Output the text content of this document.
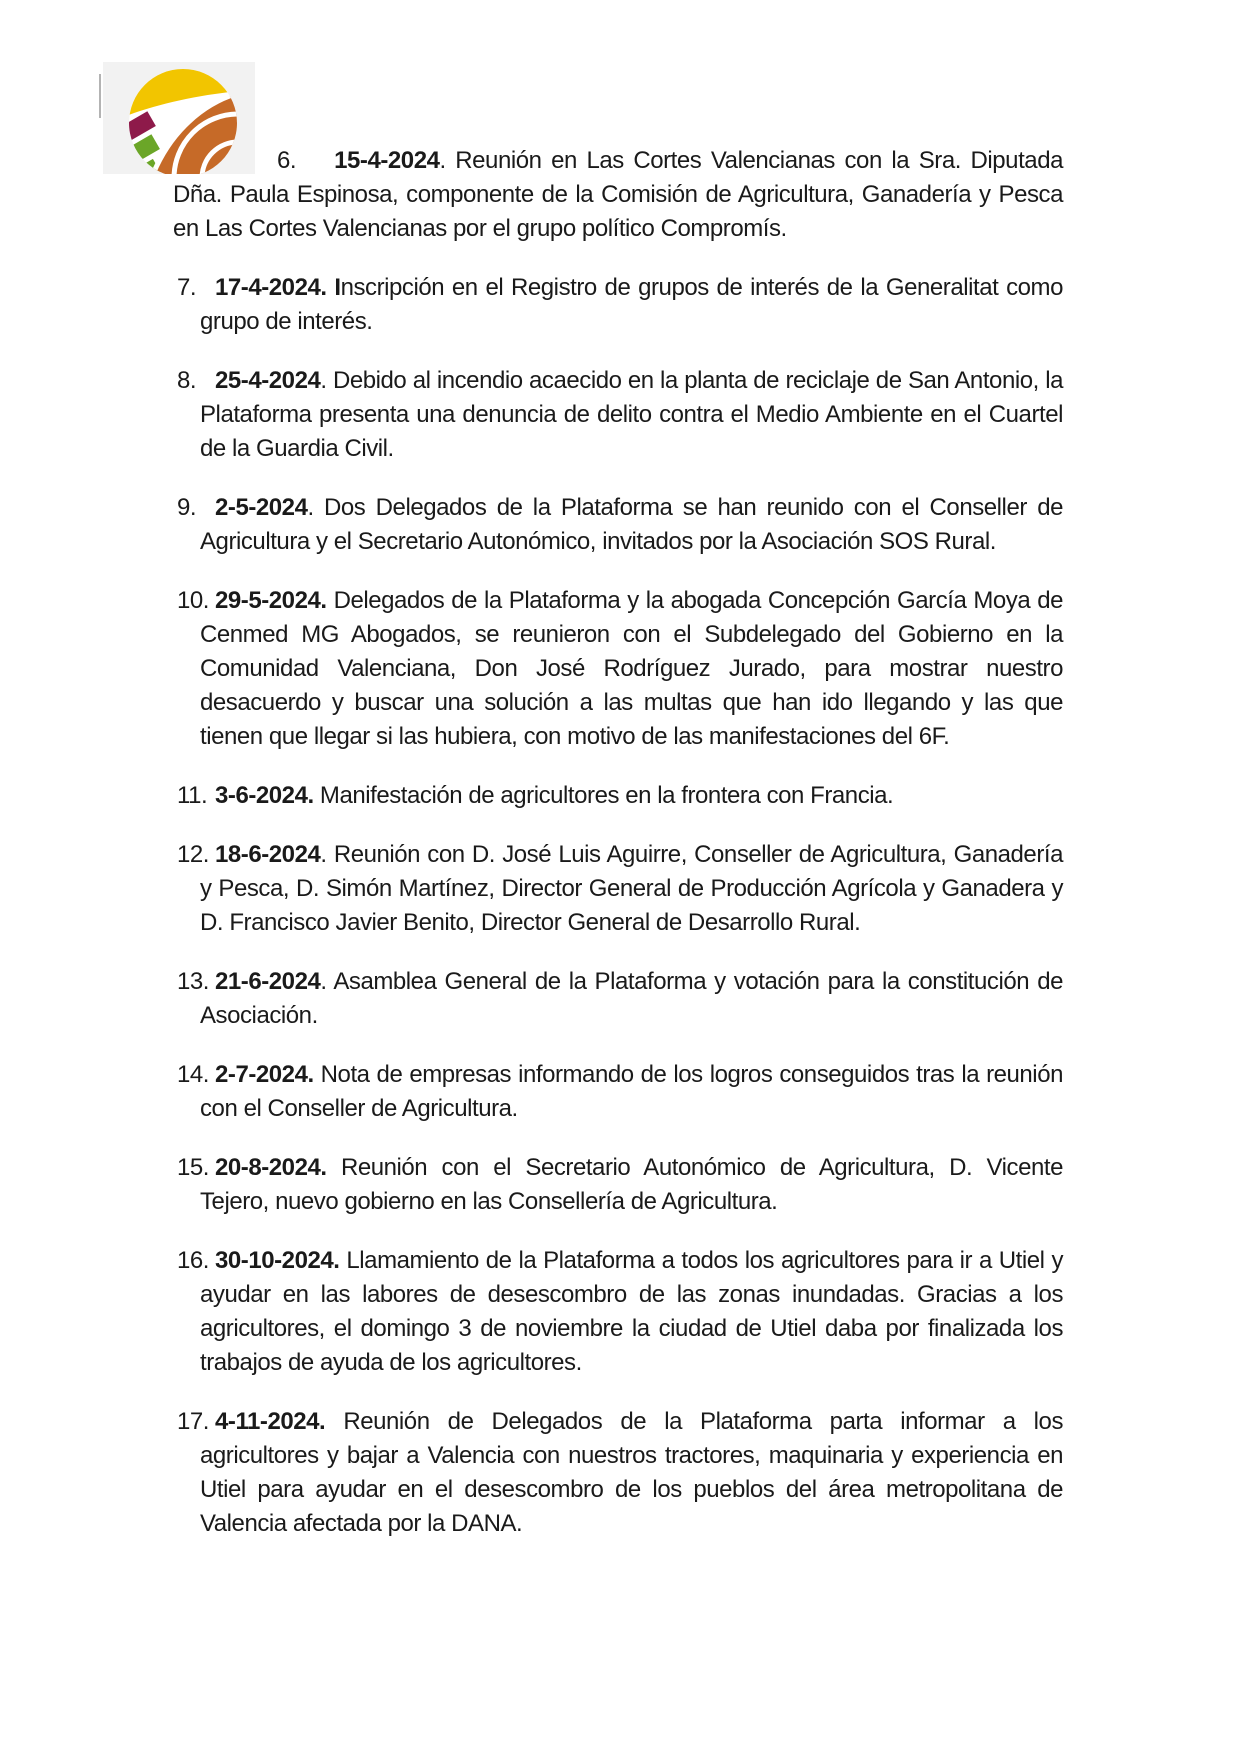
6. 15-4-2024. Reunión en Las Cortes Valencianas con la Sra. Diputada Dña. Paula Espinosa, componente de la Comisión de Agricultura, Ganadería y Pesca en Las Cortes Valencianas por el grupo político Compromís.
7. 17-4-2024. Inscripción en el Registro de grupos de interés de la Generalitat como grupo de interés.
8. 25-4-2024. Debido al incendio acaecido en la planta de reciclaje de San Antonio, la Plataforma presenta una denuncia de delito contra el Medio Ambiente en el Cuartel de la Guardia Civil.
9. 2-5-2024. Dos Delegados de la Plataforma se han reunido con el Conseller de Agricultura y el Secretario Autonómico, invitados por la Asociación SOS Rural.
10. 29-5-2024. Delegados de la Plataforma y la abogada Concepción García Moya de Cenmed MG Abogados, se reunieron con el Subdelegado del Gobierno en la Comunidad Valenciana, Don José Rodríguez Jurado, para mostrar nuestro desacuerdo y buscar una solución a las multas que han ido llegando y las que tienen que llegar si las hubiera, con motivo de las manifestaciones del 6F.
11. 3-6-2024. Manifestación de agricultores en la frontera con Francia.
12. 18-6-2024. Reunión con D. José Luis Aguirre, Conseller de Agricultura, Ganadería y Pesca, D. Simón Martínez, Director General de Producción Agrícola y Ganadera y D. Francisco Javier Benito, Director General de Desarrollo Rural.
13. 21-6-2024. Asamblea General de la Plataforma y votación para la constitución de Asociación.
14. 2-7-2024. Nota de empresas informando de los logros conseguidos tras la reunión con el Conseller de Agricultura.
15. 20-8-2024. Reunión con el Secretario Autonómico de Agricultura, D. Vicente Tejero, nuevo gobierno en las Consellería de Agricultura.
16. 30-10-2024. Llamamiento de la Plataforma a todos los agricultores para ir a Utiel y ayudar en las labores de desescombro de las zonas inundadas. Gracias a los agricultores, el domingo 3 de noviembre la ciudad de Utiel daba por finalizada los trabajos de ayuda de los agricultores.
17. 4-11-2024. Reunión de Delegados de la Plataforma parta informar a los agricultores y bajar a Valencia con nuestros tractores, maquinaria y experiencia en Utiel para ayudar en el desescombro de los pueblos del área metropolitana de Valencia afectada por la DANA.
